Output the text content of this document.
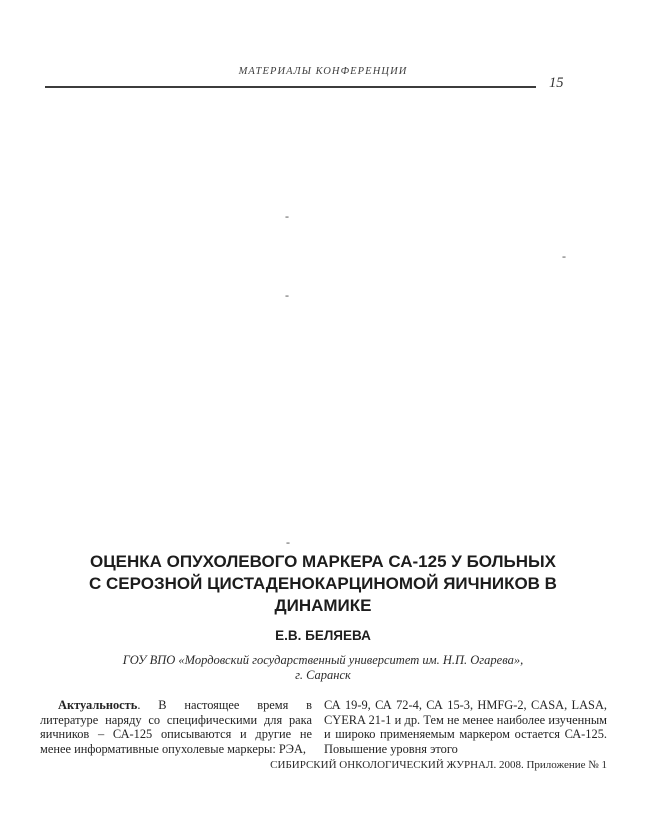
МАТЕРИАЛЫ КОНФЕРЕНЦИИ
15
-
-
-
-
ОЦЕНКА ОПУХОЛЕВОГО МАРКЕРА СА-125 У БОЛЬНЫХ
С СЕРОЗНОЙ ЦИСТАДЕНОКАРЦИНОМОЙ ЯИЧНИКОВ В
ДИНАМИКЕ
Е.В. БЕЛЯЕВА
ГОУ ВПО «Мордовский государственный университет им. Н.П. Огарева»,
г. Саранск

Актуальность. В настоящее время в литературе наряду со специфическими для рака яичников – СА-125 описываются и другие не менее информативные опухолевые маркеры: РЭА,

СА 19-9, СА 72-4, СА 15-3, HMFG-2, CASA, LASA, CYERA 21-1 и др. Тем не менее наиболее изученным и широко применяемым маркером остается СА-125. Повышение уровня этого

СИБИРСКИЙ ОНКОЛОГИЧЕСКИЙ ЖУРНАЛ. 2008. Приложение № 1
